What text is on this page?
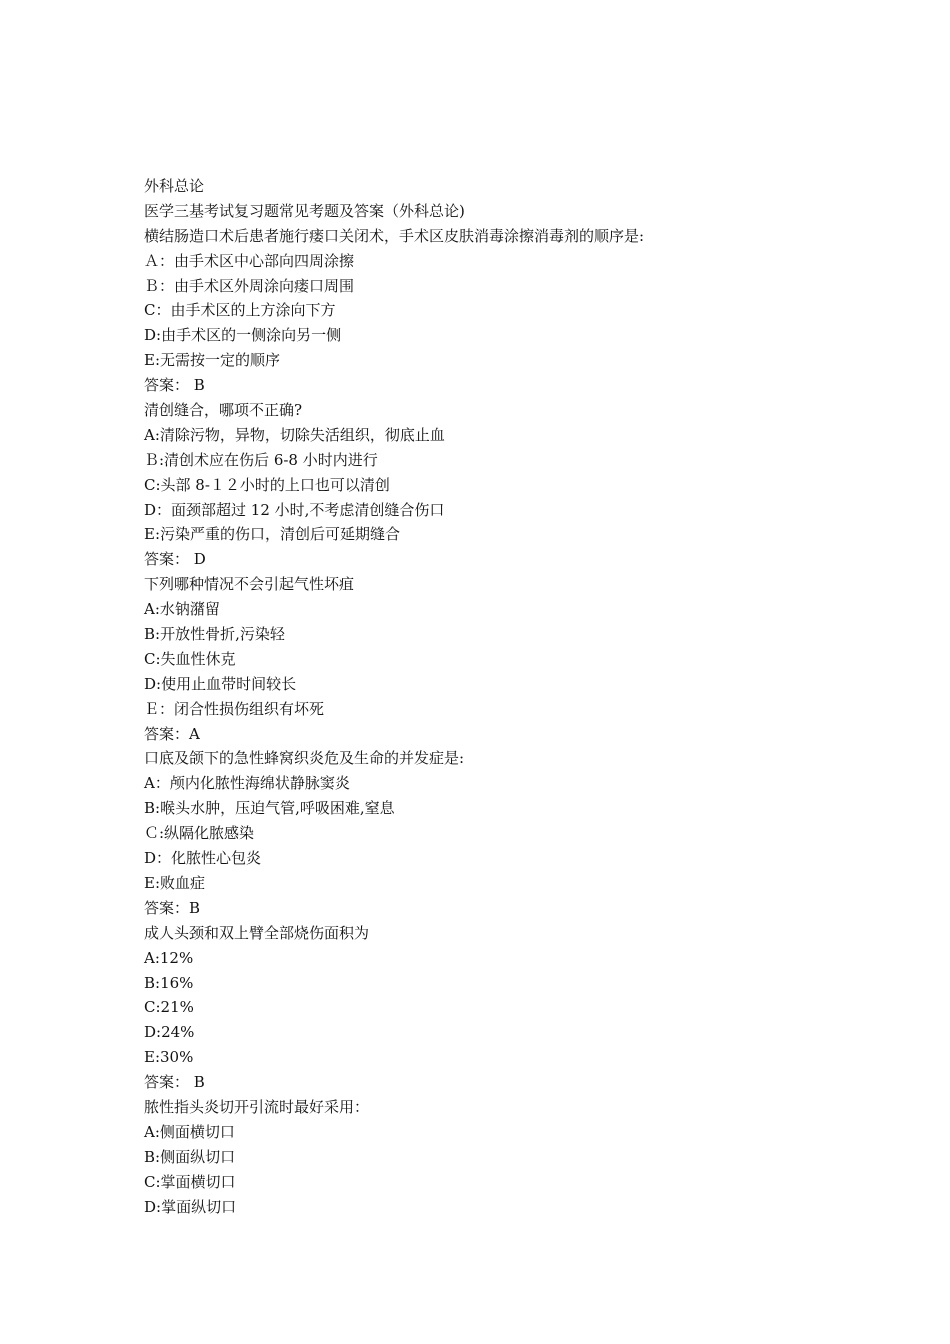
外科总论
医学三基考试复习题常见考题及答案（外科总论)
横结肠造口术后患者施行瘘口关闭术，手术区皮肤消毒涂擦消毒剂的顺序是:
Ａ：由手术区中心部向四周涂擦
Ｂ：由手术区外周涂向瘘口周围
C：由手术区的上方涂向下方
D:由手术区的一侧涂向另一侧
E:无需按一定的顺序
答案： B
清创缝合，哪项不正确?
A:清除污物，异物，切除失活组织，彻底止血
Ｂ:清创术应在伤后 6-8 小时内进行
C:头部 8-１２小时的上口也可以清创
D：面颈部超过 12 小时,不考虑清创缝合伤口
E:污染严重的伤口，清创后可延期缝合
答案： D
下列哪种情况不会引起气性坏疽
A:水钠潴留
B:开放性骨折,污染轻
C:失血性休克
D:使用止血带时间较长
Ｅ：闭合性损伤组织有坏死
答案：A
口底及颌下的急性蜂窝织炎危及生命的并发症是:
A：颅内化脓性海绵状静脉窦炎
B:喉头水肿，压迫气管,呼吸困难,窒息
Ｃ:纵隔化脓感染
D：化脓性心包炎
E:败血症
答案：B
成人头颈和双上臂全部烧伤面积为
A:12%
B:16%
C:21%
D:24%
E:30%
答案： B
脓性指头炎切开引流时最好采用：
A:侧面横切口
B:侧面纵切口
C:掌面横切口
D:掌面纵切口
